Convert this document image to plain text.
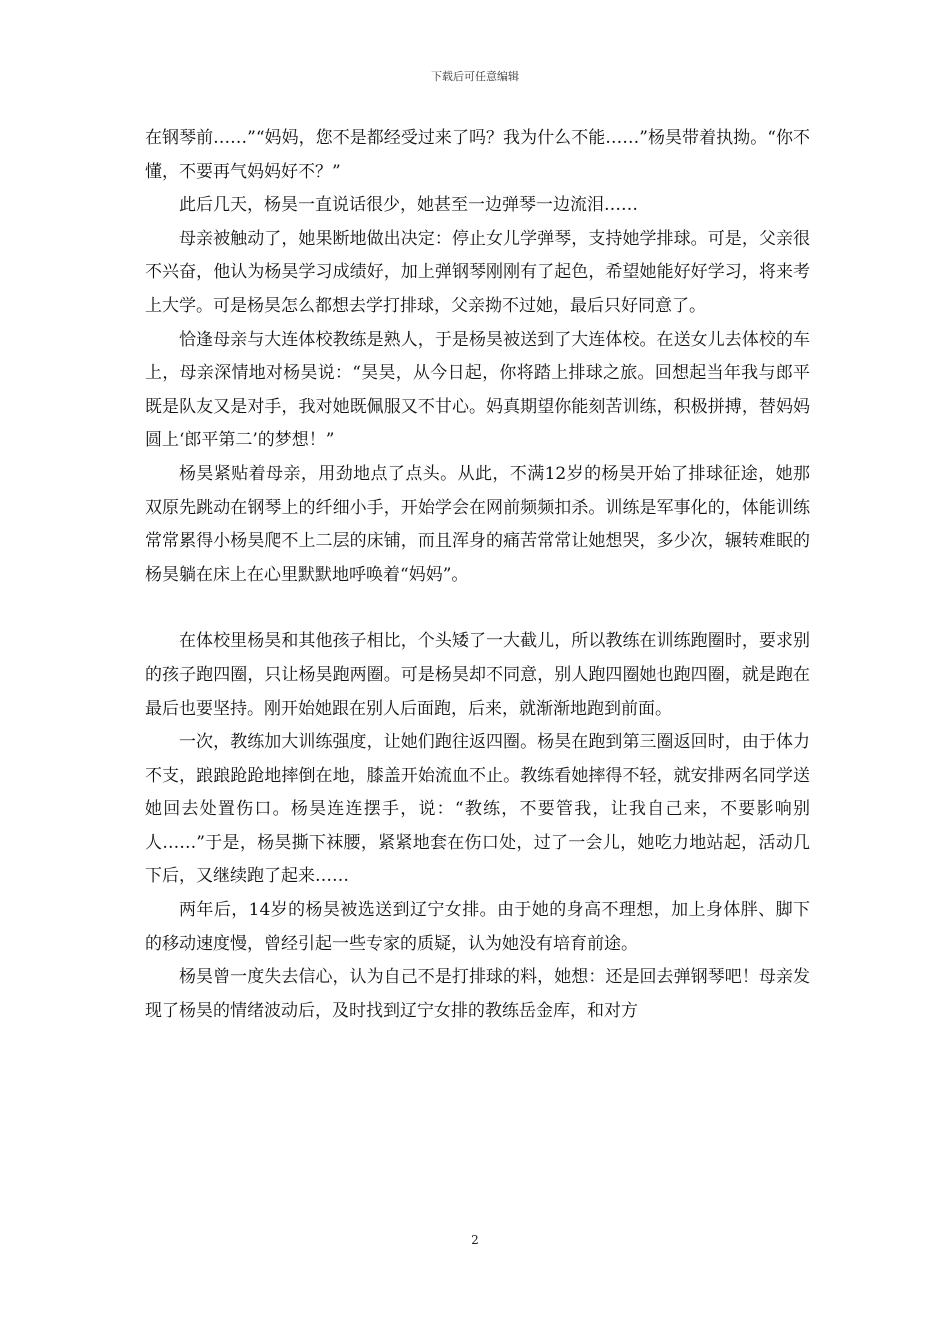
下载后可任意编辑

在钢琴前……”“妈妈，您不是都经受过来了吗？我为什么不能……”杨昊带着执拗。“你不懂，不要再气妈妈好不？”

此后几天，杨昊一直说话很少，她甚至一边弹琴一边流泪……

母亲被触动了，她果断地做出决定：停止女儿学弹琴，支持她学排球。可是，父亲很不兴奋，他认为杨昊学习成绩好，加上弹钢琴刚刚有了起色，希望她能好好学习，将来考上大学。可是杨昊怎么都想去学打排球，父亲拗不过她，最后只好同意了。

恰逢母亲与大连体校教练是熟人，于是杨昊被送到了大连体校。在送女儿去体校的车上，母亲深情地对杨昊说：“昊昊，从今日起，你将踏上排球之旅。回想起当年我与郎平既是队友又是对手，我对她既佩服又不甘心。妈真期望你能刻苦训练，积极拼搏，替妈妈圆上‘郎平第二’的梦想！”

杨昊紧贴着母亲，用劲地点了点头。从此，不满12岁的杨昊开始了排球征途，她那双原先跳动在钢琴上的纤细小手，开始学会在网前频频扣杀。训练是军事化的，体能训练常常累得小杨昊爬不上二层的床铺，而且浑身的痛苦常常让她想哭，多少次，辗转难眠的杨昊躺在床上在心里默默地呼唤着“妈妈”。

在体校里杨昊和其他孩子相比，个头矮了一大截儿，所以教练在训练跑圈时，要求别的孩子跑四圈，只让杨昊跑两圈。可是杨昊却不同意，别人跑四圈她也跑四圈，就是跑在最后也要坚持。刚开始她跟在别人后面跑，后来，就渐渐地跑到前面。

一次，教练加大训练强度，让她们跑往返四圈。杨昊在跑到第三圈返回时，由于体力不支，踉踉跄跄地摔倒在地，膝盖开始流血不止。教练看她摔得不轻，就安排两名同学送她回去处置伤口。杨昊连连摆手，说：“教练，不要管我，让我自己来，不要影响别人……”于是，杨昊撕下袜腰，紧紧地套在伤口处，过了一会儿，她吃力地站起，活动几下后，又继续跑了起来……

两年后，14岁的杨昊被选送到辽宁女排。由于她的身高不理想，加上身体胖、脚下的移动速度慢，曾经引起一些专家的质疑，认为她没有培育前途。

杨昊曾一度失去信心，认为自己不是打排球的料，她想：还是回去弹钢琴吧！母亲发现了杨昊的情绪波动后，及时找到辽宁女排的教练岳金库，和对方

2
